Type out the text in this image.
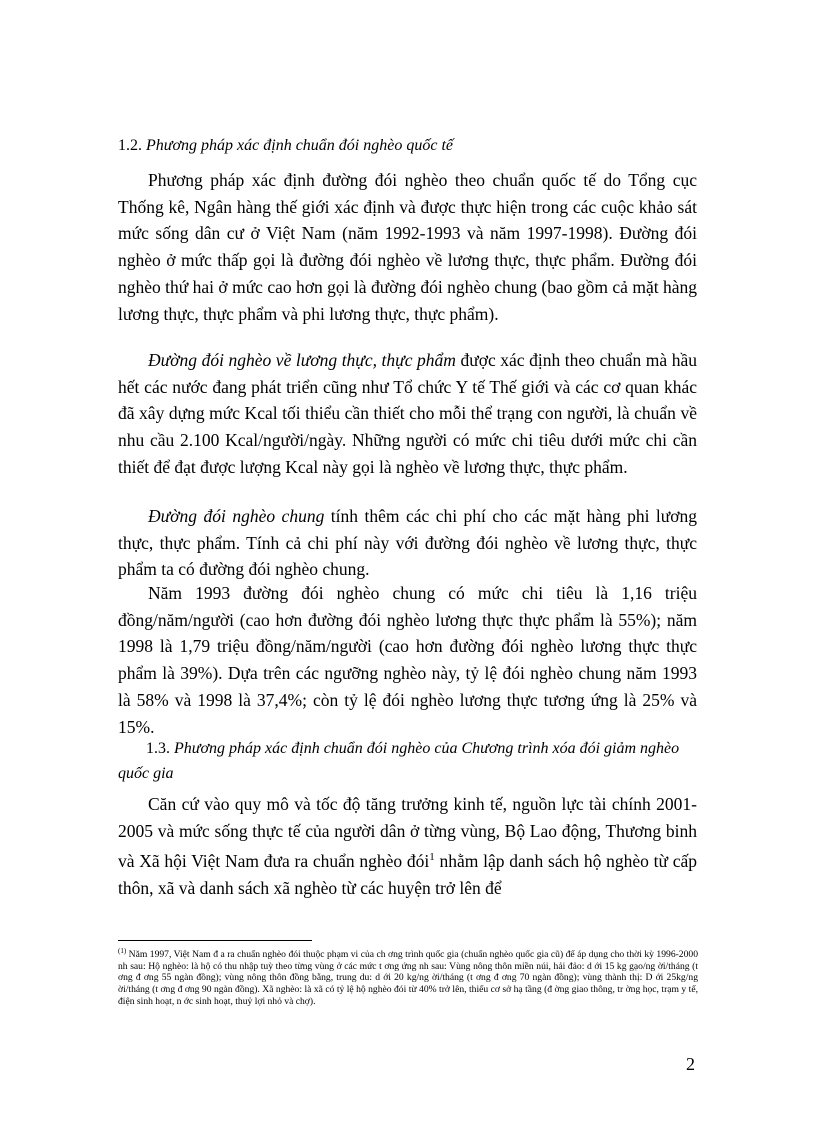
1.2. Phương pháp xác định chuẩn đói nghèo quốc tế

Phương pháp xác định đường đói nghèo theo chuẩn quốc tế do Tổng cục Thống kê, Ngân hàng thế giới xác định và được thực hiện trong các cuộc khảo sát mức sống dân cư ở Việt Nam (năm 1992-1993 và năm 1997-1998). Đường đói nghèo ở mức thấp gọi là đường đói nghèo về lương thực, thực phẩm. Đường đói nghèo thứ hai ở mức cao hơn gọi là đường đói nghèo chung (bao gồm cả mặt hàng lương thực, thực phẩm và phi lương thực, thực phẩm).

Đường đói nghèo về lương thực, thực phẩm được xác định theo chuẩn mà hầu hết các nước đang phát triển cũng như Tổ chức Y tế Thế giới và các cơ quan khác đã xây dựng mức Kcal tối thiểu cần thiết cho mỗi thể trạng con người, là chuẩn về nhu cầu 2.100 Kcal/người/ngày. Những người có mức chi tiêu dưới mức chi cần thiết để đạt được lượng Kcal này gọi là nghèo về lương thực, thực phẩm.

Đường đói nghèo chung tính thêm các chi phí cho các mặt hàng phi lương thực, thực phẩm. Tính cả chi phí này với đường đói nghèo về lương thực, thực phẩm ta có đường đói nghèo chung.

Năm 1993 đường đói nghèo chung có mức chi tiêu là 1,16 triệu đồng/năm/người (cao hơn đường đói nghèo lương thực thực phẩm là 55%); năm 1998 là 1,79 triệu đồng/năm/người (cao hơn đường đói nghèo lương thực thực phẩm là 39%). Dựa trên các ngưỡng nghèo này, tỷ lệ đói nghèo chung năm 1993 là 58% và 1998 là 37,4%; còn tỷ lệ đói nghèo lương thực tương ứng là 25% và 15%.

1.3. Phương pháp xác định chuẩn đói nghèo của Chương trình xóa đói giảm nghèo quốc gia

Căn cứ vào quy mô và tốc độ tăng trưởng kinh tế, nguồn lực tài chính 2001-2005 và mức sống thực tế của người dân ở từng vùng, Bộ Lao động, Thương binh và Xã hội Việt Nam đưa ra chuẩn nghèo đói$^1$ nhằm lập danh sách hộ nghèo từ cấp thôn, xã và danh sách xã nghèo từ các huyện trở lên để

$^{(1)}$ Năm 1997, Việt Nam đ a ra chuẩn nghèo đói thuộc phạm vi của ch ơng trình quốc gia (chuẩn nghèo quốc gia cũ) để áp dụng cho thời kỳ 1996-2000 nh sau: Hộ nghèo: là hộ có thu nhập tuỳ theo từng vùng ở các mức t ơng ứng nh sau: Vùng nông thôn miền núi, hải đảo: d ới 15 kg gạo/ng ời/tháng (t ơng đ ơng 55 ngàn đồng); vùng nông thôn đồng bằng, trung du: d ới 20 kg/ng ời/tháng (t ơng đ ơng 70 ngàn đồng); vùng thành thị: D ới 25kg/ng ời/tháng (t ơng đ ơng 90 ngàn đồng). Xã nghèo: là xã có tỷ lệ hộ nghèo đói từ 40% trở lên, thiếu cơ sở hạ tầng (đ ờng giao thông, tr ờng học, trạm y tế, điện sinh hoạt, n ớc sinh hoạt, thuỷ lợi nhỏ và chợ).
2
